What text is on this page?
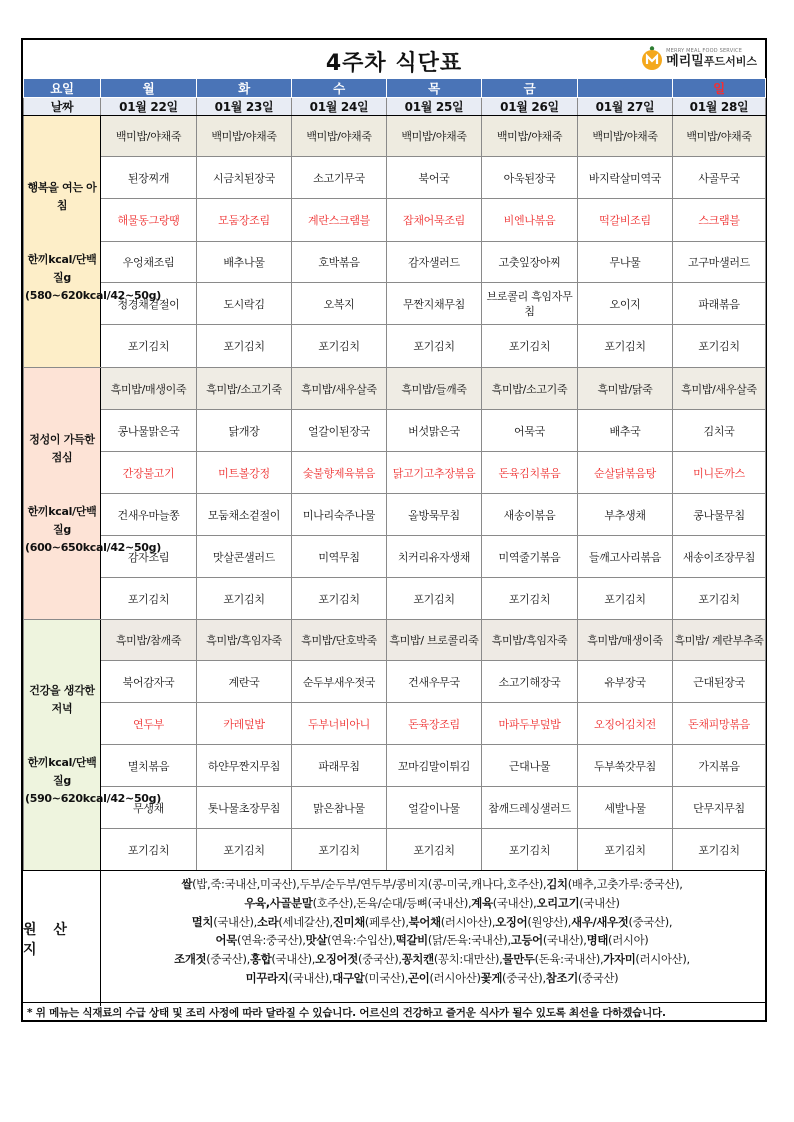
4주차 식단표
MERRY MEAL FOOD SERVICE
메리밀푸드서비스
요일	월	화	수	목	금	토	일
날짜	01월 22일	01월 23일	01월 24일	01월 25일	01월 26일	01월 27일	01월 28일

행복을 여는 아침
한끼kcal/단백질g (580~620kcal/42~50g)	백미밥/야채죽	백미밥/야채죽	백미밥/야채죽	백미밥/야채죽	백미밥/야채죽	백미밥/야채죽	백미밥/야채죽
	된장찌개	시금치된장국	소고기무국	북어국	아욱된장국	바지락살미역국	사골무국
	해물동그랑땡	모둠장조림	계란스크램블	잡채어묵조림	비엔나볶음	떡갈비조림	스크램블
	우엉채조림	배추나물	호박볶음	감자샐러드	고춧잎장아찌	무나물	고구마샐러드
	청경채겉절이	도시락김	오복지	무짠지채무침	브로콜리 흑임자무침	오이지	파래볶음
	포기김치	포기김치	포기김치	포기김치	포기김치	포기김치	포기김치

정성이 가득한 점심
한끼kcal/단백질g (600~650kcal/42~50g)	흑미밥/매생이죽	흑미밥/소고기죽	흑미밥/새우살죽	흑미밥/들깨죽	흑미밥/소고기죽	흑미밥/닭죽	흑미밥/새우살죽
	콩나물맑은국	닭개장	얼갈이된장국	버섯맑은국	어묵국	배추국	김치국
	간장불고기	미트볼강정	숯불향제육볶음	닭고기고추장볶음	돈육김치볶음	순살닭볶음탕	미니돈까스
	건새우마늘쫑	모둠채소겉절이	미나리숙주나물	올방묵무침	새송이볶음	부추생채	콩나물무침
	감자조림	맛살콘샐러드	미역무침	치커리유자생채	미역줄기볶음	들깨고사리볶음	새송이조장무침
	포기김치	포기김치	포기김치	포기김치	포기김치	포기김치	포기김치

건강을 생각한 저녁
한끼kcal/단백질g (590~620kcal/42~50g)	흑미밥/참깨죽	흑미밥/흑임자죽	흑미밥/단호박죽	흑미밥/ 브로콜리죽	흑미밥/흑임자죽	흑미밥/매생이죽	흑미밥/ 계란부추죽
	북어감자국	계란국	순두부새우젓국	건새우무국	소고기해장국	유부장국	근대된장국
	연두부	카레덮밥	두부너비아니	돈육장조림	마파두부덮밥	오징어김치전	돈채피망볶음
	멸치볶음	하얀무짠지무침	파래무침	꼬마김말이튀김	근대나물	두부쑥갓무침	가지볶음
	무생채	톳나물초장무침	맑은참나물	얼갈이나물	참깨드레싱샐러드	세발나물	단무지무침
	포기김치	포기김치	포기김치	포기김치	포기김치	포기김치	포기김치
원 산 지
쌀(밥,죽:국내산,미국산),두부/순두부/연두부/콩비지(콩-미국,캐나다,호주산),김치(배추,고춧가루:중국산),
우육,사골분말(호주산),돈육/순대/등뼈(국내산),계육(국내산),오리고기(국내산)
멸치(국내산),소라(세네갈산),진미채(페루산),북어채(러시아산),오징어(원양산),새우/새우젓(중국산),
어묵(연육:중국산),맛살(연육:수입산),떡갈비(닭/돈육:국내산),고등어(국내산),명태(러시아)
조개젓(중국산),홍합(국내산),오징어젓(중국산),꽁치캔(꽁치:대만산),물만두(돈육:국내산),가자미(러시아산),
미꾸라지(국내산),대구알(미국산),곤이(러시아산)꽃게(중국산),참조기(중국산)
* 위 메뉴는 식재료의 수급 상태 및 조리 사정에 따라 달라질 수 있습니다. 어르신의 건강하고 즐거운 식사가 될수 있도록 최선을 다하겠습니다.
